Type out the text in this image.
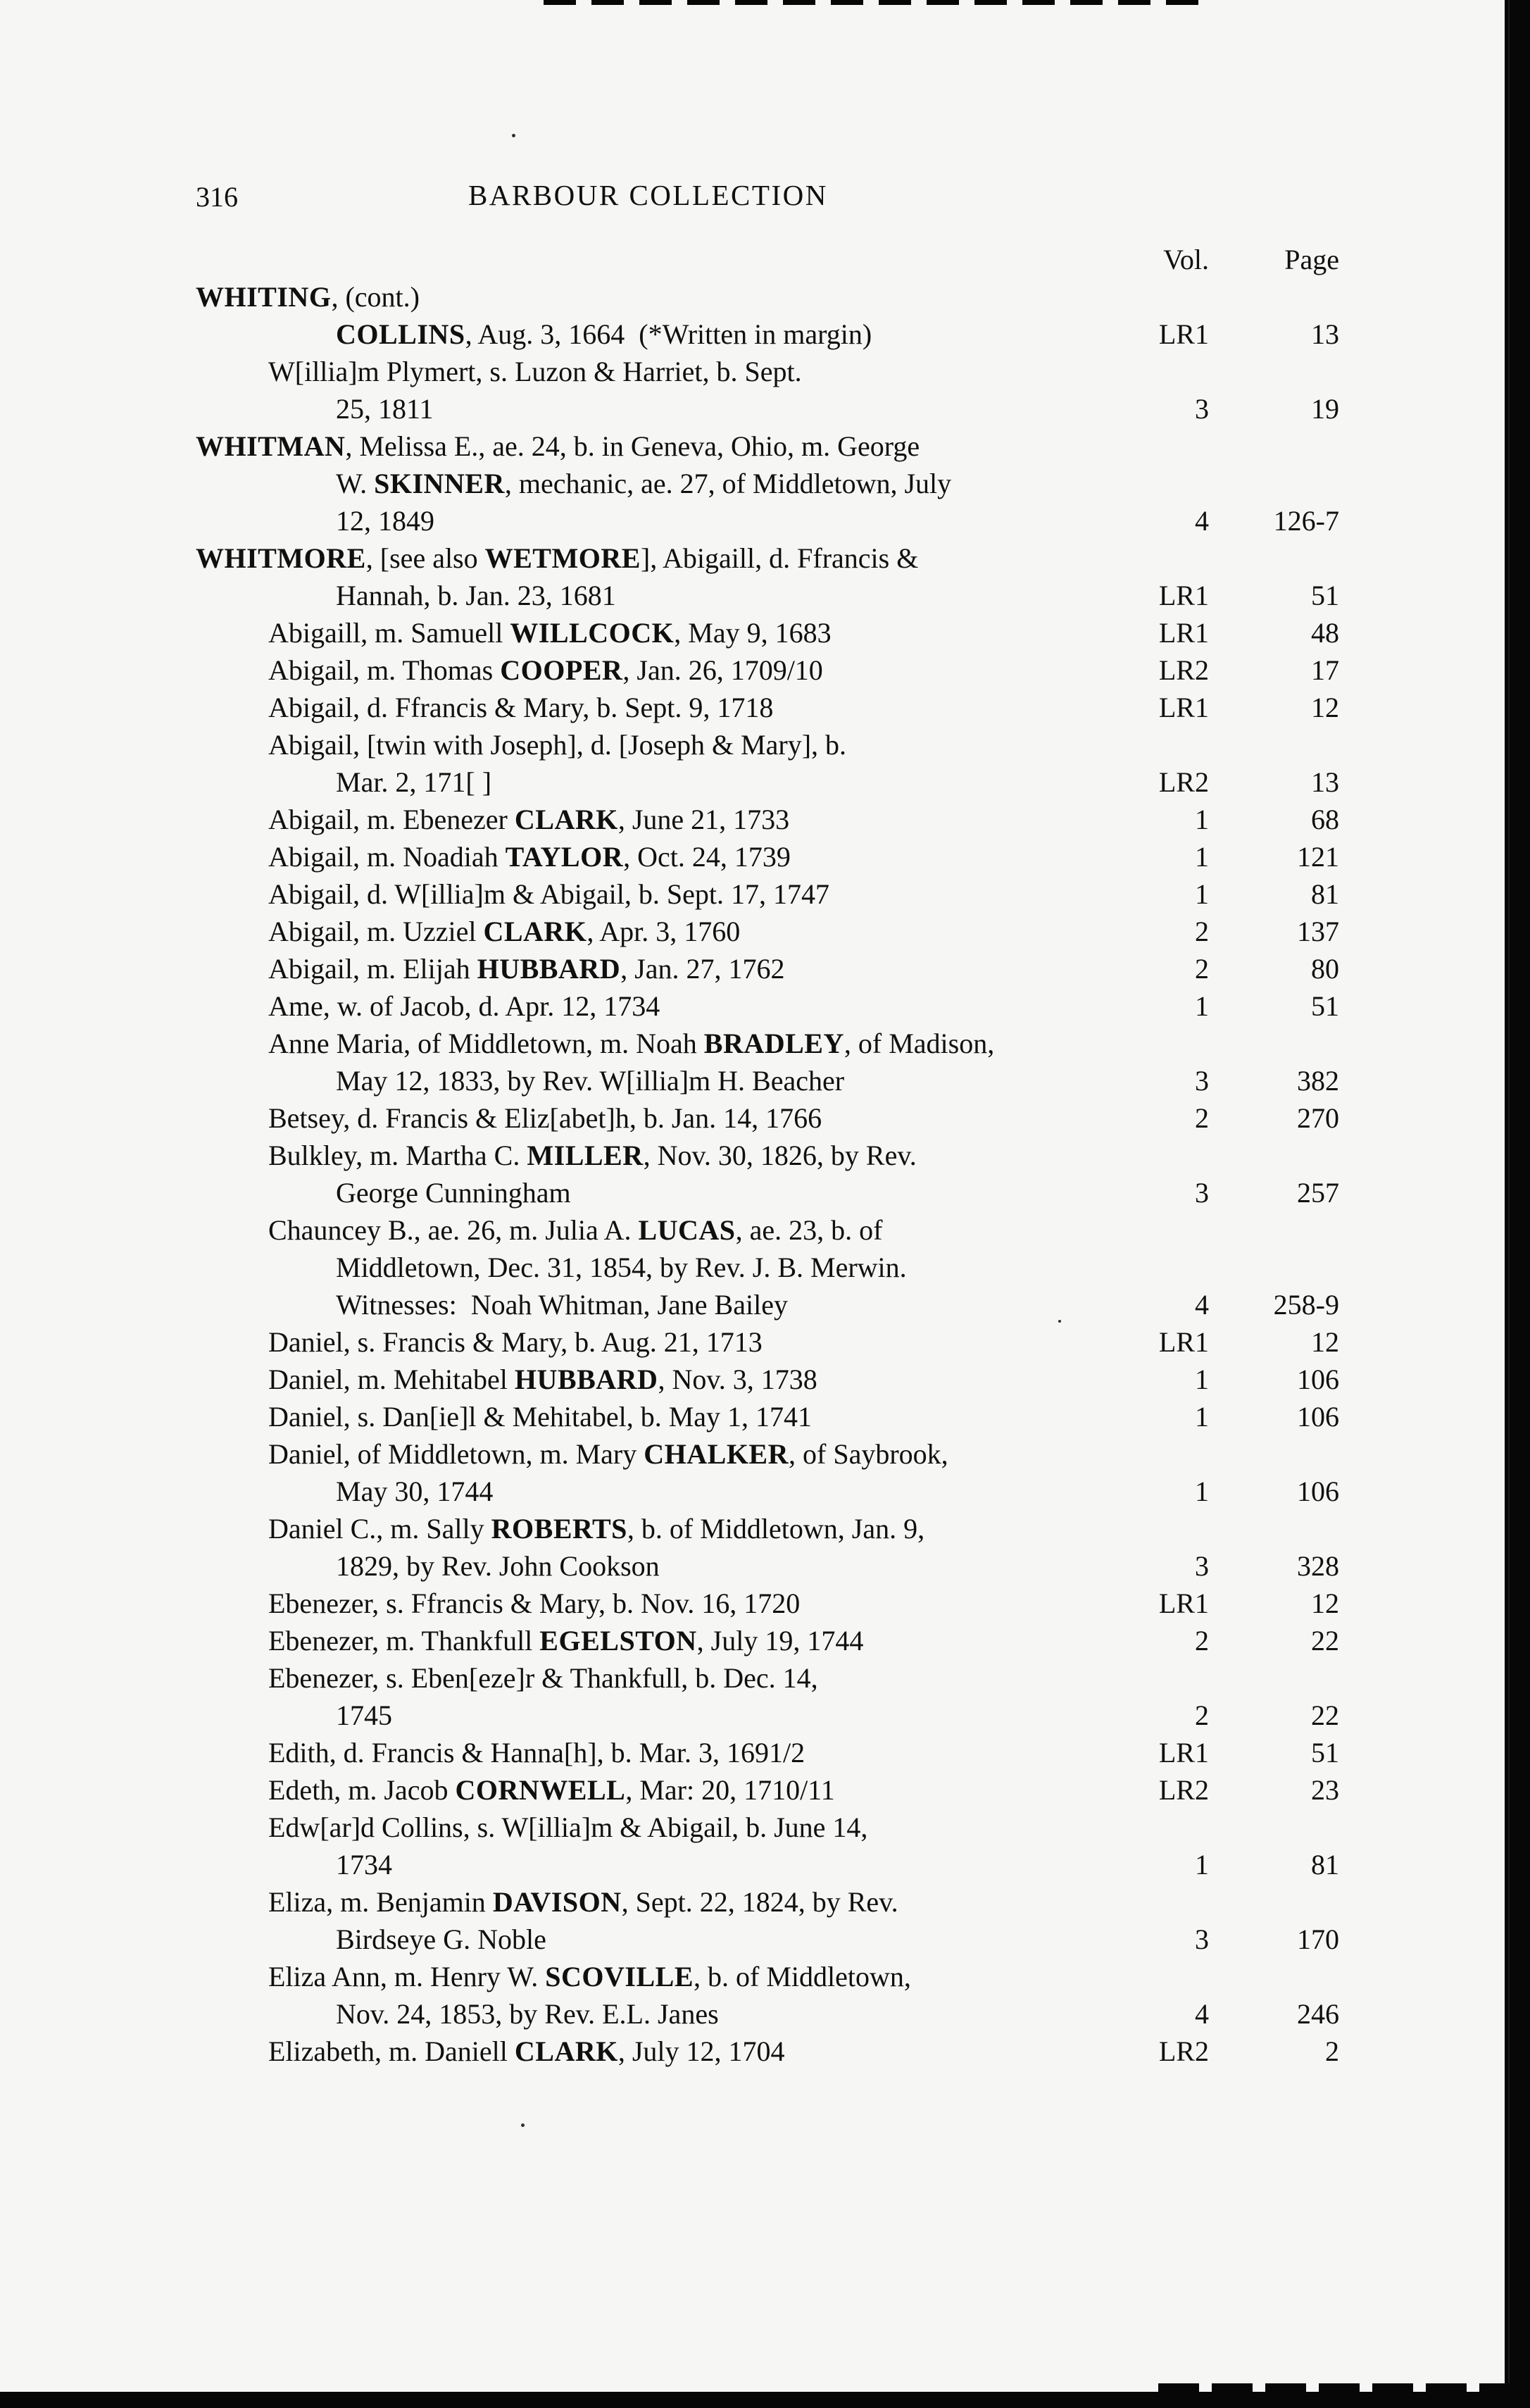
316	BARBOUR COLLECTION
Vol.	Page
WHITING, (cont.)
COLLINS, Aug. 3, 1664  (*Written in margin)	LR1	13
W[illia]m Plymert, s. Luzon & Harriet, b. Sept.
25, 1811	3	19
WHITMAN, Melissa E., ae. 24, b. in Geneva, Ohio, m. George
W. SKINNER, mechanic, ae. 27, of Middletown, July
12, 1849	4	126-7
WHITMORE, [see also WETMORE], Abigaill, d. Ffrancis &
Hannah, b. Jan. 23, 1681	LR1	51
Abigaill, m. Samuell WILLCOCK, May 9, 1683	LR1	48
Abigail, m. Thomas COOPER, Jan. 26, 1709/10	LR2	17
Abigail, d. Ffrancis & Mary, b. Sept. 9, 1718	LR1	12
Abigail, [twin with Joseph], d. [Joseph & Mary], b.
Mar. 2, 171[ ]	LR2	13
Abigail, m. Ebenezer CLARK, June 21, 1733	1	68
Abigail, m. Noadiah TAYLOR, Oct. 24, 1739	1	121
Abigail, d. W[illia]m & Abigail, b. Sept. 17, 1747	1	81
Abigail, m. Uzziel CLARK, Apr. 3, 1760	2	137
Abigail, m. Elijah HUBBARD, Jan. 27, 1762	2	80
Ame, w. of Jacob, d. Apr. 12, 1734	1	51
Anne Maria, of Middletown, m. Noah BRADLEY, of Madison,
May 12, 1833, by Rev. W[illia]m H. Beacher	3	382
Betsey, d. Francis & Eliz[abet]h, b. Jan. 14, 1766	2	270
Bulkley, m. Martha C. MILLER, Nov. 30, 1826, by Rev.
George Cunningham	3	257
Chauncey B., ae. 26, m. Julia A. LUCAS, ae. 23, b. of
Middletown, Dec. 31, 1854, by Rev. J. B. Merwin.
Witnesses:  Noah Whitman, Jane Bailey	4	258-9
Daniel, s. Francis & Mary, b. Aug. 21, 1713	LR1	12
Daniel, m. Mehitabel HUBBARD, Nov. 3, 1738	1	106
Daniel, s. Dan[ie]l & Mehitabel, b. May 1, 1741	1	106
Daniel, of Middletown, m. Mary CHALKER, of Saybrook,
May 30, 1744	1	106
Daniel C., m. Sally ROBERTS, b. of Middletown, Jan. 9,
1829, by Rev. John Cookson	3	328
Ebenezer, s. Ffrancis & Mary, b. Nov. 16, 1720	LR1	12
Ebenezer, m. Thankfull EGELSTON, July 19, 1744	2	22
Ebenezer, s. Eben[eze]r & Thankfull, b. Dec. 14,
1745	2	22
Edith, d. Francis & Hanna[h], b. Mar. 3, 1691/2	LR1	51
Edeth, m. Jacob CORNWELL, Mar: 20, 1710/11	LR2	23
Edw[ar]d Collins, s. W[illia]m & Abigail, b. June 14,
1734	1	81
Eliza, m. Benjamin DAVISON, Sept. 22, 1824, by Rev.
Birdseye G. Noble	3	170
Eliza Ann, m. Henry W. SCOVILLE, b. of Middletown,
Nov. 24, 1853, by Rev. E.L. Janes	4	246
Elizabeth, m. Daniell CLARK, July 12, 1704	LR2	2
